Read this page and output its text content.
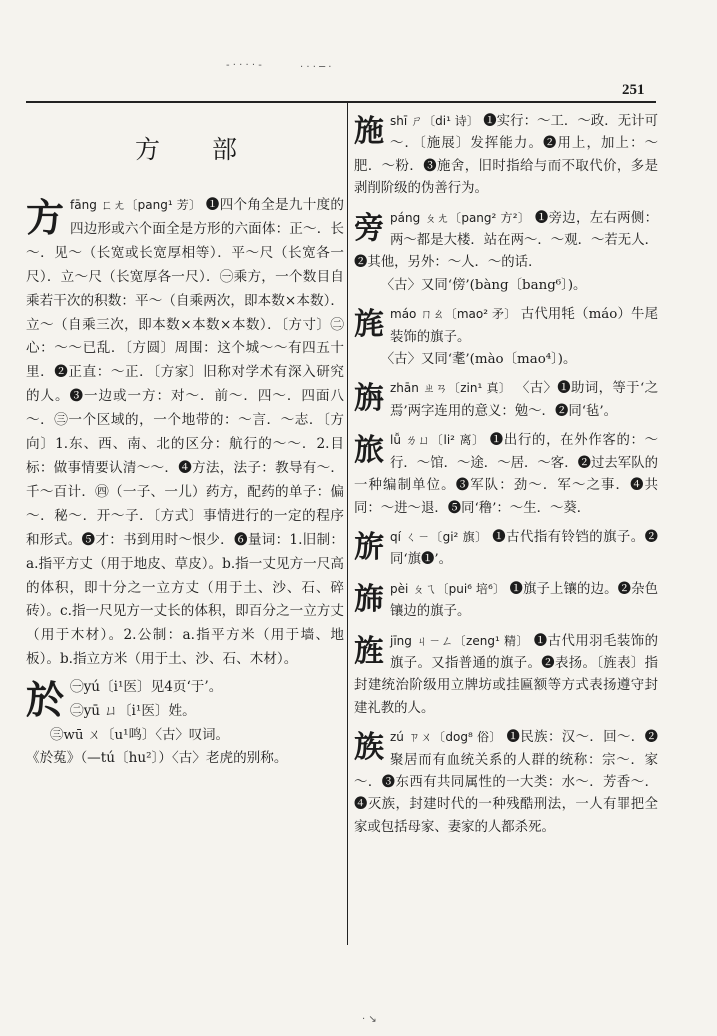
- · · · · -	· · · ─ ·
251
方 部
方 fāng ㄈㄤ〔pang¹ 芳〕 ❶四个角全是九十度的四边形或六个面全是方形的六面体：正～．长～．见～（长宽或长宽厚相等）．平～尺（长宽各一尺）．立～尺（长宽厚各一尺）．㊀乘方，一个数目自乘若干次的积数：平～（自乘两次，即本数×本数）．立～（自乘三次，即本数×本数×本数）．〔方寸〕㊁心：～～已乱．〔方圆〕周围：这个城～～有四五十里．❷正直：～正．〔方家〕旧称对学术有深入研究的人。❸一边或一方：对～．前～．四～．四面八～．㊂一个区域的，一个地带的：～言．～志．〔方向〕1.东、西、南、北的区分：航行的～～．2.目标：做事情要认清～～．❹方法，法子：教导有～．千～百计．㊃（一子、一儿）药方，配药的单子：偏～．秘～．开～子．〔方式〕事情进行的一定的程序和形式。❺才：书到用时～恨少．❻量词：1.旧制：a.指平方丈（用于地皮、草皮）。b.指一丈见方一尺高的体积，即十分之一立方丈（用于土、沙、石、碎砖）。c.指一尺见方一丈长的体积，即百分之一立方丈（用于木材）。2.公制：a.指平方米（用于墙、地板）。b.指立方米（用于土、沙、石、木材）。
於 ㊀yú〔i¹医〕见4页‘于’。
㊁yū ㄩ〔i¹医〕姓。
㊂wū ㄨ〔u¹鸣〕〈古〉叹词。
《於菟》（—tú〔hu²〕）〈古〉老虎的别称。
施 shī ㄕ〔di¹ 诗〕 ❶实行：～工．～政．无计可～．〔施展〕发挥能力。❷用上，加上：～肥．～粉．❸施舍，旧时指给与而不取代价，多是剥削阶级的伪善行为。
旁 páng ㄆㄤ〔pang² 方²〕 ❶旁边，左右两侧：两～都是大楼．站在两～．～观．～若无人．❷其他，另外：～人．～的话．
〈古〉又同‘傍’(bàng〔bang⁶〕)。
旄 máo ㄇㄠ〔mao² 矛〕 古代用牦（máo）牛尾装饰的旗子。
〈古〉又同‘耄’(mào〔mao⁴〕)。
旃 zhān ㄓㄢ〔zin¹ 真〕 〈古〉❶助词，等于‘之焉’两字连用的意义：勉～．❷同‘毡’。
旅 lǚ ㄌㄩ〔li² 离〕 ❶出行的，在外作客的：～行．～馆．～途．～居．～客．❷过去军队的一种编制单位。❸军队：劲～．军～之事．❹共同：～进～退．❺同‘穞’：～生．～葵．
旂 qí ㄑㄧ〔gi² 旗〕 ❶古代指有铃铛的旗子。❷同‘旗❶’。
旆 pèi ㄆㄟ〔pui⁶ 培⁶〕 ❶旗子上镶的边。❷杂色镶边的旗子。
旌 jīng ㄐㄧㄥ〔zeng¹ 精〕 ❶古代用羽毛装饰的旗子。又指普通的旗子。❷表扬。〔旌表〕指封建统治阶级用立牌坊或挂匾额等方式表扬遵守封建礼教的人。
族 zú ㄗㄨ〔dog⁸ 俗〕 ❶民族：汉～．回～．❷聚居而有血统关系的人群的统称：宗～．家～．❸东西有共同属性的一大类：水～．芳香～．❹灭族，封建时代的一种残酷刑法，一人有罪把全家或包括母家、妻家的人都杀死。
· ↘
